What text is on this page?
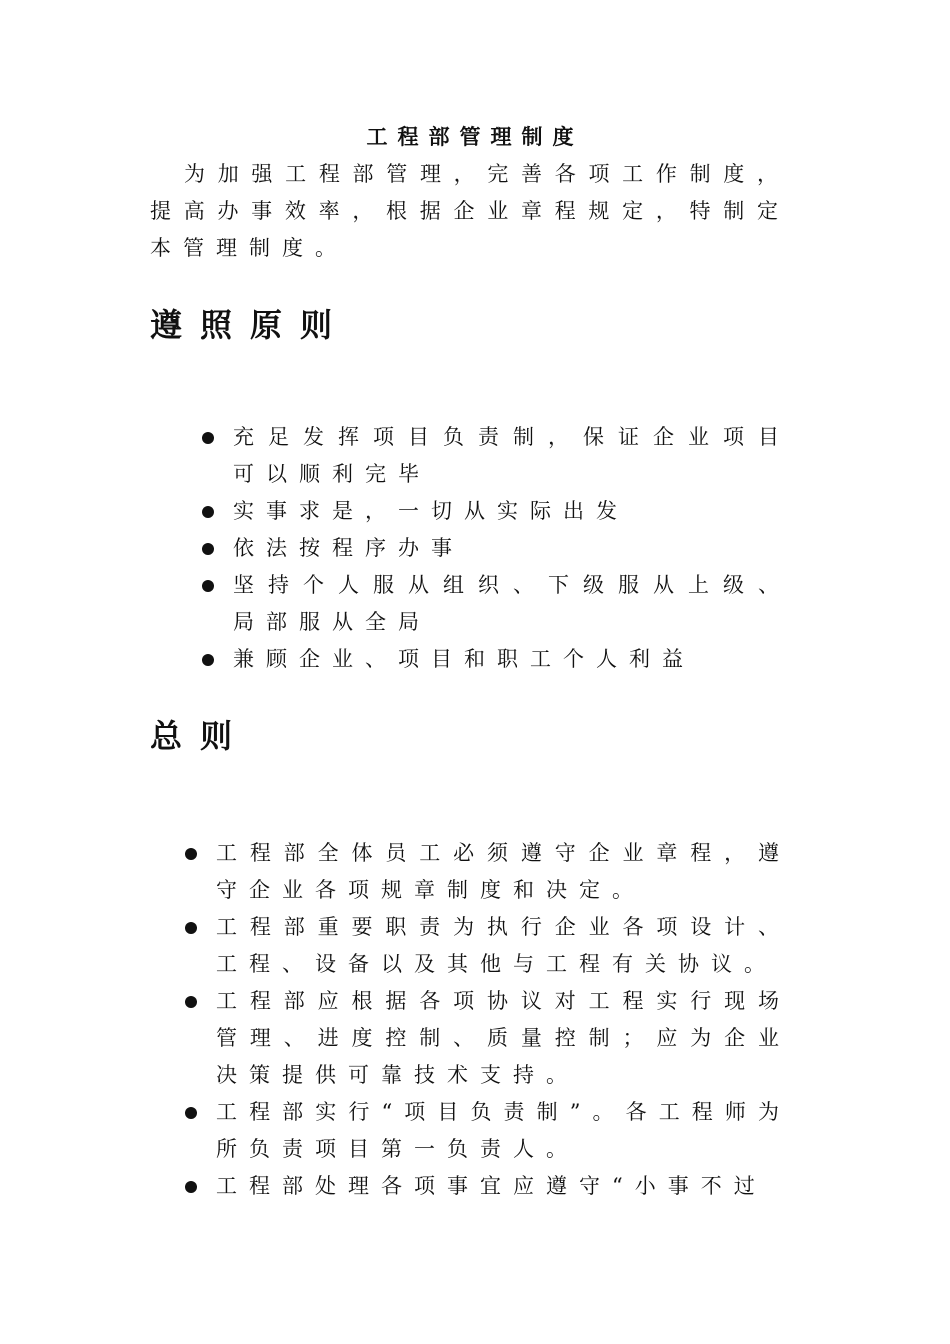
工程部管理制度

为加强工程部管理，完善各项工作制度，提高办事效率，根据企业章程规定，特制定本管理制度。

遵照原则
充足发挥项目负责制，保证企业项目可以顺利完毕
实事求是，一切从实际出发
依法按程序办事
坚持个人服从组织、下级服从上级、局部服从全局
兼顾企业、项目和职工个人利益
总则
工程部全体员工必须遵守企业章程，遵守企业各项规章制度和决定。
工程部重要职责为执行企业各项设计、工程、设备以及其他与工程有关协议。
工程部应根据各项协议对工程实行现场管理、进度控制、质量控制；应为企业决策提供可靠技术支持。
工程部实行“项目负责制”。各工程师为所负责项目第一负责人。
工程部处理各项事宜应遵守“小事不过
